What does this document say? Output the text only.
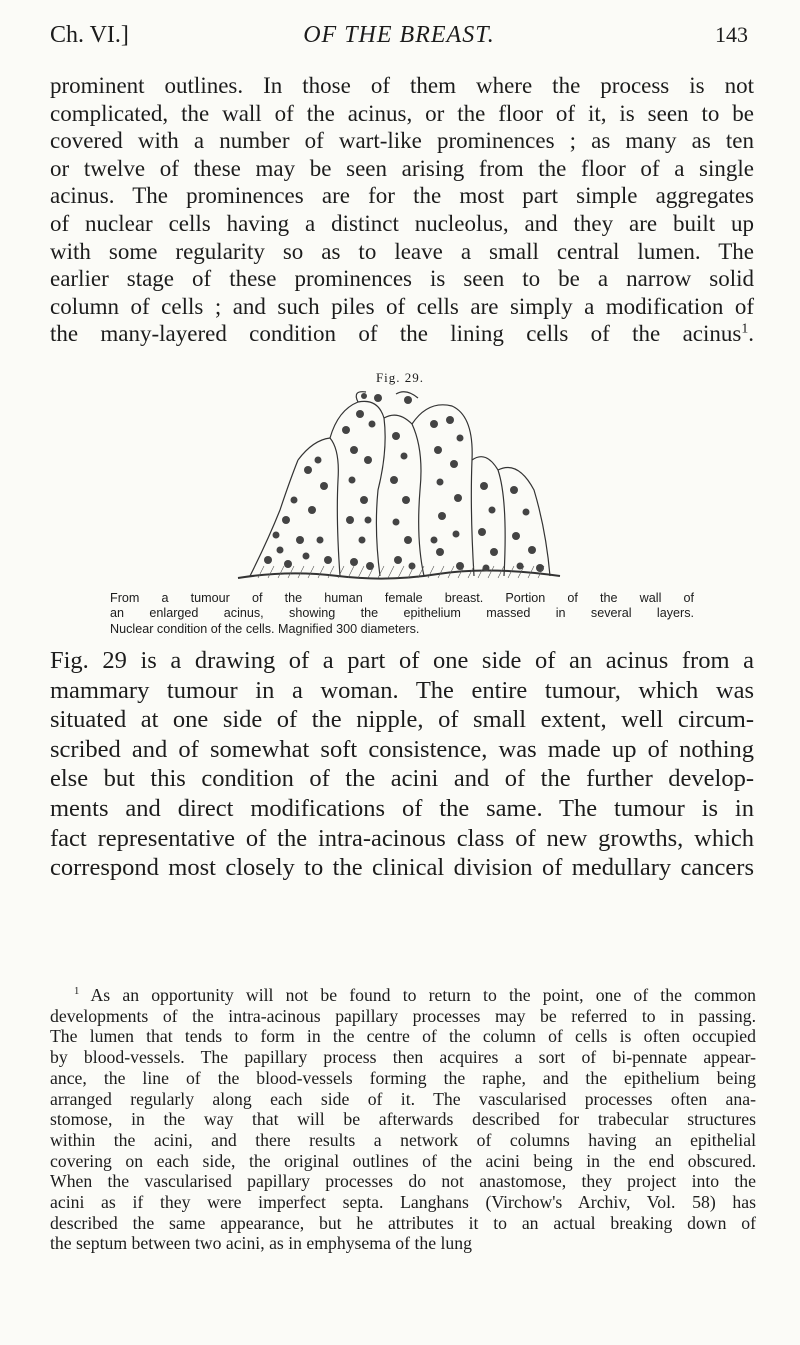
Ch. VI.]	OF THE BREAST.	143
prominent outlines. In those of them where the process is not
complicated, the wall of the acinus, or the floor of it, is seen to be
covered with a number of wart-like prominences ; as many as ten
or twelve of these may be seen arising from the floor of a single
acinus. The prominences are for the most part simple aggregates
of nuclear cells having a distinct nucleolus, and they are built up
with some regularity so as to leave a small central lumen. The
earlier stage of these prominences is seen to be a narrow solid
column of cells ; and such piles of cells are simply a modification of
the many-layered condition of the lining cells of the acinus$^1$.
Fig. 29.
From a tumour of the human female breast. Portion of the wall of
an enlarged acinus, showing the epithelium massed in several layers.
Nuclear condition of the cells. Magnified 300 diameters.
Fig. 29 is a drawing of a part of one side of an acinus from a
mammary tumour in a woman. The entire tumour, which was
situated at one side of the nipple, of small extent, well circum-
scribed and of somewhat soft consistence, was made up of nothing
else but this condition of the acini and of the further develop-
ments and direct modifications of the same. The tumour is in
fact representative of the intra-acinous class of new growths, which
correspond most closely to the clinical division of medullary cancers
$^1$ As an opportunity will not be found to return to the point, one of the common
developments of the intra-acinous papillary processes may be referred to in passing.
The lumen that tends to form in the centre of the column of cells is often occupied
by blood-vessels. The papillary process then acquires a sort of bi-pennate appear-
ance, the line of the blood-vessels forming the raphe, and the epithelium being
arranged regularly along each side of it. The vascularised processes often ana-
stomose, in the way that will be afterwards described for trabecular structures
within the acini, and there results a network of columns having an epithelial
covering on each side, the original outlines of the acini being in the end obscured.
When the vascularised papillary processes do not anastomose, they project into the
acini as if they were imperfect septa. Langhans (Virchow's Archiv, Vol. 58) has
described the same appearance, but he attributes it to an actual breaking down of
the septum between two acini, as in emphysema of the lung
